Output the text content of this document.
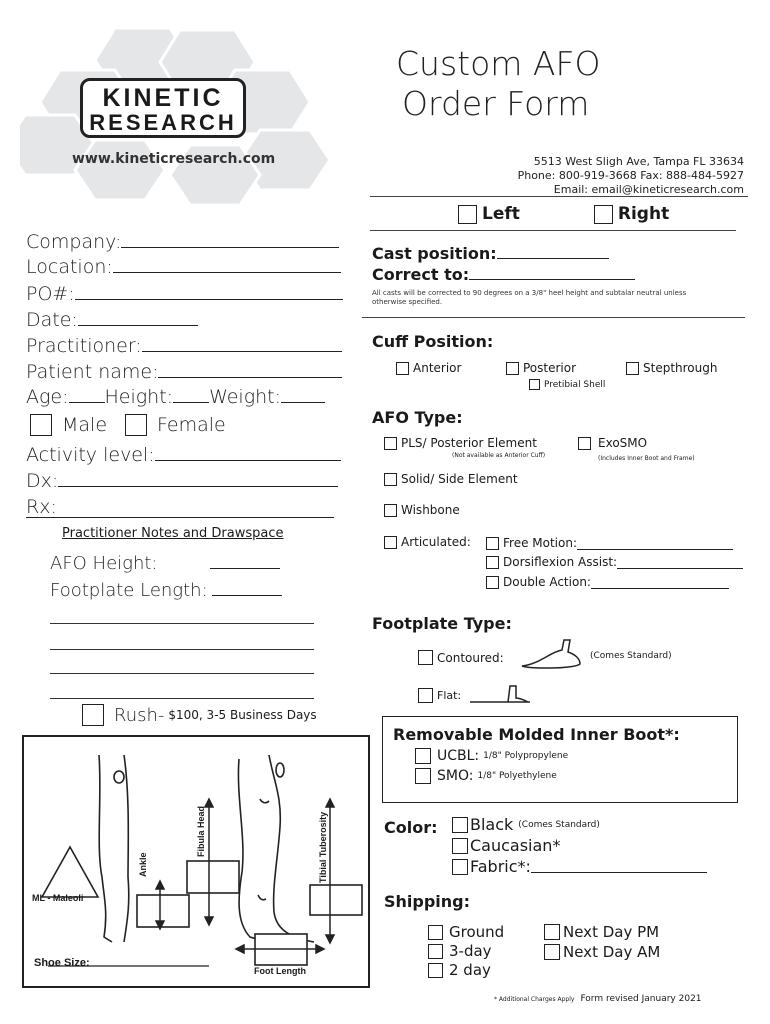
KINETIC
RESEARCH
www.kineticresearch.com
Custom AFO
Order Form
5513 West Sligh Ave, Tampa FL 33634
Phone: 800-919-3668 Fax: 888-484-5927
Email: email@kineticresearch.com
Left	Right
Company:
Location:
PO#:
Date:
Practitioner:
Patient name:
Age: Height: Weight:
Male	Female
Activity level:
Dx:
Rx:
Practitioner Notes and Drawspace
AFO Height:
Footplate Length:
Rush- $100, 3-5 Business Days
ML - Maleoli
Ankle
Fibula Head	Tibial Tuberosity
Foot Length
Shoe Size:
Cast position:
Correct to:
All casts will be corrected to 90 degrees on a 3/8" heel height and subtalar neutral unless otherwise specified.
Cuff Position:
Anterior	Posterior	Stepthrough
Pretibial Shell
AFO Type:
PLS/ Posterior Element
(Not available as Anterior Cuff)
ExoSMO
(Includes Inner Boot and Frame)
Solid/ Side Element
Wishbone
Articulated:	Free Motion:
Dorsiflexion Assist:
Double Action:
Footplate Type:
Contoured:	(Comes Standard)
Flat:
Removable Molded Inner Boot*:
UCBL: 1/8" Polypropylene
SMO: 1/8" Polyethylene
Color: Black (Comes Standard)
Caucasian*
Fabric*:
Shipping:
Ground
3-day
2 day
Next Day PM
Next Day AM
* Additional Charges Apply Form revised January 2021
